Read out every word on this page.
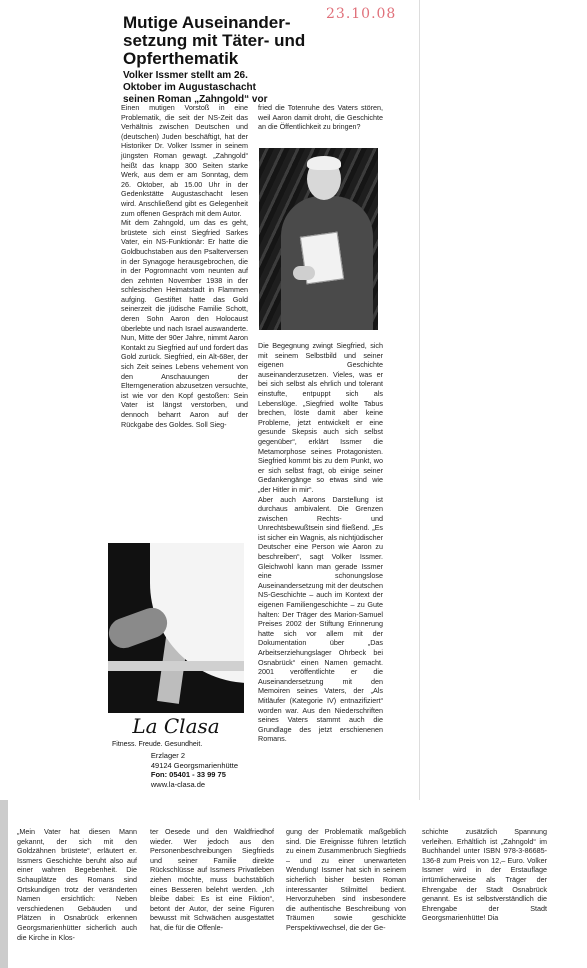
23.10.08
Mutige Auseinander-setzung mit Täter- und Opferthematik
Volker Issmer stellt am 26. Oktober im Augustaschacht seinen Roman „Zahngold“ vor

Einen mutigen Vorstoß in eine Problematik, die seit der NS-Zeit das Verhältnis zwischen Deutschen und (deutschen) Juden beschäftigt, hat der Historiker Dr. Volker Issmer in seinem jüngsten Roman gewagt. „Zahngold“ heißt das knapp 300 Seiten starke Werk, aus dem er am Sonntag, dem 26. Oktober, ab 15.00 Uhr in der Gedenkstätte Augustaschacht lesen wird. Anschließend gibt es Gelegenheit zum offenen Gespräch mit dem Autor.

Mit dem Zahngold, um das es geht, brüstete sich einst Siegfried Sarkes Vater, ein NS-Funktionär: Er hatte die Goldbuchstaben aus den Psalterversen in der Synagoge herausgebrochen, die in der Pogromnacht vom neunten auf den zehnten November 1938 in der schlesischen Heimatstadt in Flammen aufging. Gestiftet hatte das Gold seinerzeit die jüdische Familie Schott, deren Sohn Aaron den Holocaust überlebte und nach Israel auswanderte. Nun, Mitte der 90er Jahre, nimmt Aaron Kontakt zu Siegfried auf und fordert das Gold zurück. Siegfried, ein Alt-68er, der sich Zeit seines Lebens vehement von den Anschauungen der Elterngeneration abzusetzen versuchte, ist wie vor den Kopf gestoßen: Sein Vater ist längst verstorben, und dennoch beharrt Aaron auf der Rückgabe des Goldes. Soll Sieg-

fried die Totenruhe des Vaters stören, weil Aaron damit droht, die Geschichte an die Öffentlichkeit zu bringen?

Die Begegnung zwingt Siegfried, sich mit seinem Selbstbild und seiner eigenen Geschichte auseinanderzusetzen. Vieles, was er bei sich selbst als ehrlich und tolerant einstufte, entpuppt sich als Lebenslüge. „Siegfried wollte Tabus brechen, löste damit aber keine Probleme, jetzt entwickelt er eine gesunde Skepsis auch sich selbst gegenüber“, erklärt Issmer die Metamorphose seines Protagonisten. Siegfried kommt bis zu dem Punkt, wo er sich selbst fragt, ob einige seiner Gedankengänge so etwas sind wie „der Hitler in mir“.

Aber auch Aarons Darstellung ist durchaus ambivalent. Die Grenzen zwischen Rechts- und Unrechtsbewußtsein sind fließend. „Es ist sicher ein Wagnis, als nichtjüdischer Deutscher eine Person wie Aaron zu beschreiben“, sagt Volker Issmer. Gleichwohl kann man gerade Issmer eine schonungslose Auseinandersetzung mit der deutschen NS-Geschichte – auch im Kontext der eigenen Familiengeschichte – zu Gute halten: Der Träger des Marion-Samuel Preises 2002 der Stiftung Erinnerung hatte sich vor allem mit der Dokumentation über „Das Arbeitserziehungslager Ohrbeck bei Osnabrück“ einen Namen gemacht. 2001 veröffentlichte er die Auseinandersetzung mit den Memoiren seines Vaters, der „Als Mitläufer (Kategorie IV) entnazifiziert“ worden war. Aus den Niederschriften seines Vaters stammt auch die Grundlage des jetzt erschienenen Romans.

La Clasa
Fitness. Freude. Gesundheit.
Erzlager 2
49124 Georgsmarienhütte
Fon: 05401 - 33 99 75
www.la-clasa.de

„Mein Vater hat diesen Mann gekannt, der sich mit den Goldzähnen brüstete“, erläutert er. Issmers Geschichte beruht also auf einer wahren Begebenheit. Die Schauplätze des Romans sind Ortskundigen trotz der veränderten Namen ersichtlich: Neben verschiedenen Gebäuden und Plätzen in Osnabrück erkennen Georgsmarienhütter sicherlich auch die Kirche in Klos-

ter Oesede und den Waldfriedhof wieder. Wer jedoch aus den Personenbeschreibungen Siegfrieds und seiner Familie direkte Rückschlüsse auf Issmers Privatleben ziehen möchte, muss buchstäblich eines Besseren belehrt werden. „Ich bleibe dabei: Es ist eine Fiktion“, betont der Autor, der seine Figuren bewusst mit Schwächen ausgestattet hat, die für die Offenle-

gung der Problematik maßgeblich sind. Die Ereignisse führen letztlich zu einem Zusammenbruch Siegfrieds – und zu einer unerwarteten Wendung! Issmer hat sich in seinem sicherlich bisher besten Roman interessanter Stilmittel bedient. Hervorzuheben sind insbesondere die authentische Beschreibung von Träumen sowie geschickte Perspektivwechsel, die der Ge-

schichte zusätzlich Spannung verleihen. Erhältlich ist „Zahngold“ im Buchhandel unter ISBN 978-3-86685-136-8 zum Preis von 12,– Euro. Volker Issmer wird in der Erstauflage irrtümlicherweise als Träger der Ehrengabe der Stadt Osnabrück genannt. Es ist selbstverständlich die Ehrengabe der Stadt Georgsmarienhütte! Dia
